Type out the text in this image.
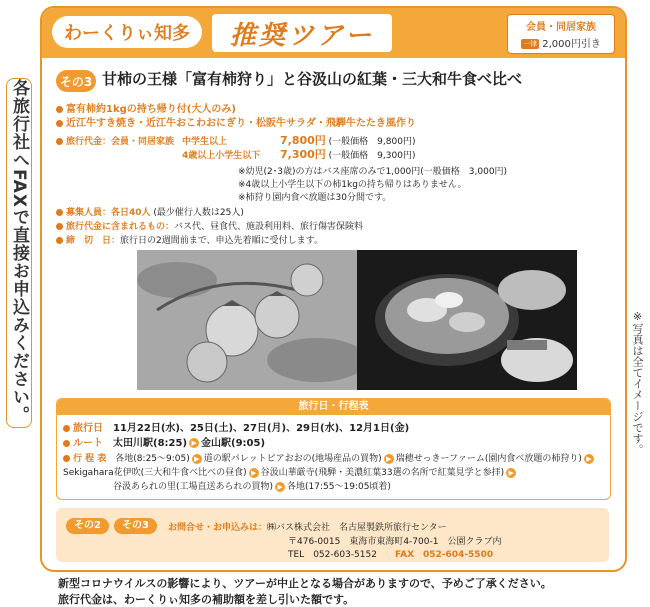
各旅行社へFAXで直接お申込みください。	※写真は全てイメージです。
わーくりぃ知多	推奨ツアー	会員・同居家族
一律 2,000円引き
その3 甘柿の王様「富有柿狩り」と谷汲山の紅葉・三大和牛食べ比べ
富有柿約1kgの持ち帰り付(大人のみ)
近江牛すき焼き・近江牛おこわおにぎり・松阪牛サラダ・飛騨牛たたき風作り
旅行代金：会員・同居家族 中学生以上	7,800円 (一般価格　9,800円)
4歳以上小学生以下 7,300円 (一般価格　9,300円)
※幼児(2･3歳)の方はバス座席のみで1,000円(一般価格　3,000円)
※4歳以上小学生以下の柿1kgの持ち帰りはありません。
※柿狩り園内食べ放題は30分間です。
募集人員：各日40人 (最少催行人数は25人)
旅行代金に含まれるもの：バス代、昼食代、施設利用料、旅行傷害保険料
締　切　日：旅行日の2週間前まで、申込先着順に受付します。
旅行日・行程表
旅行日　 11月22日(水)、25日(土)、27日(月)、29日(水)、12月1日(金)
ルート　 太田川駅(8:25) ▶ 金山駅(9:05)
行 程 表　 各地(8:25～9:05) ▶ 道の駅パレットピアおおの(地場産品の買物) ▶ 瑞穂せっきーファーム(園内食べ放題の柿狩り) ▶
Sekigahara花伊吹(三大和牛食べ比べの昼食) ▶ 谷汲山華厳寺(飛騨・美濃紅葉33選の名所で紅葉見学と参拝) ▶
谷汲あられの里(工場直送あられの買物) ▶ 各地(17:55～19:05頃着)
その2	その3	お問合せ・お申込みは：㈱バス株式会社　名古屋製鉄所旅行センター
〒476-0015　東海市東海町4-700-1　公園クラブ内
TEL　052-603-5152　　 FAX　052-604-5500
新型コロナウイルスの影響により、ツアーが中止となる場合がありますので、予めご了承ください。
旅行代金は、わーくりぃ知多の補助額を差し引いた額です。
